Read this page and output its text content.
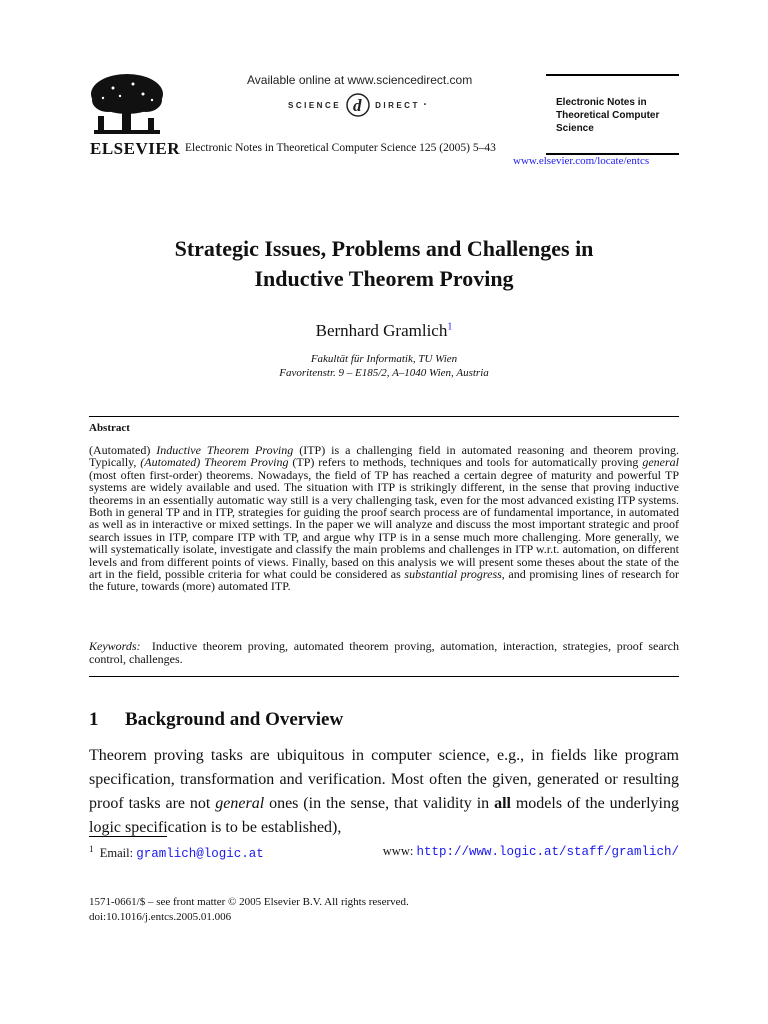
ELSEVIER
Available online at www.sciencedirect.com
SCIENCE d DIRECT •
Electronic Notes in Theoretical Computer Science 125 (2005) 5–43
Electronic Notes in
Theoretical Computer
Science
www.elsevier.com/locate/entcs
Strategic Issues, Problems and Challenges in
Inductive Theorem Proving
Bernhard Gramlich$^1$
Fakultät für Informatik, TU Wien
Favoritenstr. 9 – E185/2, A–1040 Wien, Austria
Abstract

(Automated) Inductive Theorem Proving (ITP) is a challenging field in automated reasoning and theorem proving. Typically, (Automated) Theorem Proving (TP) refers to methods, techniques and tools for automatically proving general (most often first-order) theorems. Nowadays, the field of TP has reached a certain degree of maturity and powerful TP systems are widely available and used. The situation with ITP is strikingly different, in the sense that proving inductive theorems in an essentially automatic way still is a very challenging task, even for the most advanced existing ITP systems. Both in general TP and in ITP, strategies for guiding the proof search process are of fundamental importance, in automated as well as in interactive or mixed settings. In the paper we will analyze and discuss the most important strategic and proof search issues in ITP, compare ITP with TP, and argue why ITP is in a sense much more challenging. More generally, we will systematically isolate, investigate and classify the main problems and challenges in ITP w.r.t. automation, on different levels and from different points of views. Finally, based on this analysis we will present some theses about the state of the art in the field, possible criteria for what could be considered as substantial progress, and promising lines of research for the future, towards (more) automated ITP.

Keywords: Inductive theorem proving, automated theorem proving, automation, interaction, strategies, proof search control, challenges.
1 Background and Overview
Theorem proving tasks are ubiquitous in computer science, e.g., in fields like program specification, transformation and verification. Most often the given, generated or resulting proof tasks are not general ones (in the sense, that validity in all models of the underlying logic specification is to be established),
$^1$ Email: gramlich@logic.at	www: http://www.logic.at/staff/gramlich/
1571-0661/$ – see front matter © 2005 Elsevier B.V. All rights reserved.
doi:10.1016/j.entcs.2005.01.006
